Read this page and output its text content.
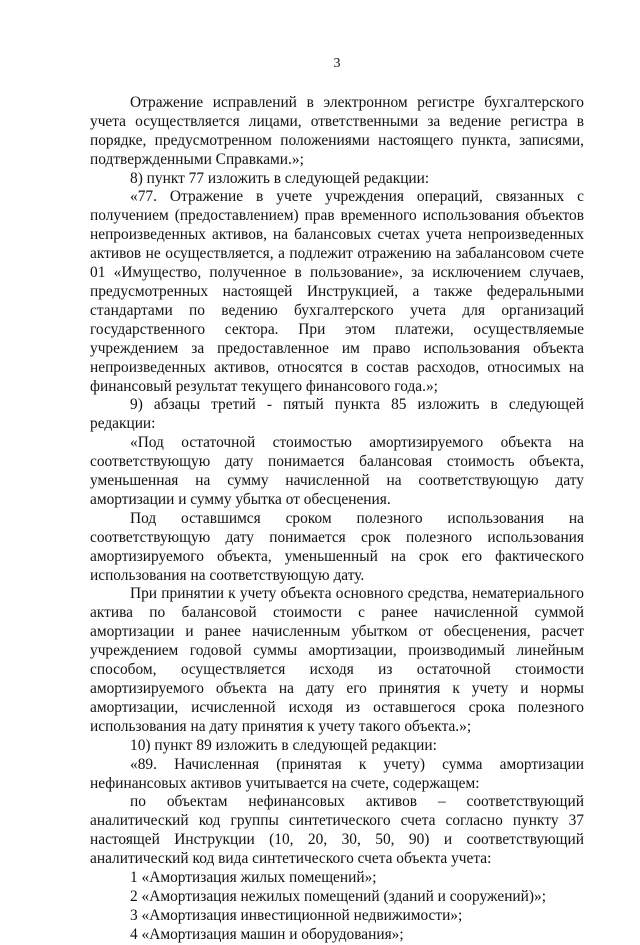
3

Отражение исправлений в электронном регистре бухгалтерского учета осуществляется лицами, ответственными за ведение регистра в порядке, предусмотренном положениями настоящего пункта, записями, подтвержденными Справками.»;

8) пункт 77 изложить в следующей редакции:

«77. Отражение в учете учреждения операций, связанных с получением (предоставлением) прав временного использования объектов непроизведенных активов, на балансовых счетах учета непроизведенных активов не осуществляется, а подлежит отражению на забалансовом счете 01 «Имущество, полученное в пользование», за исключением случаев, предусмотренных настоящей Инструкцией, а также федеральными стандартами по ведению бухгалтерского учета для организаций государственного сектора. При этом платежи, осуществляемые учреждением за предоставленное им право использования объекта непроизведенных активов, относятся в состав расходов, относимых на финансовый результат текущего финансового года.»;

9) абзацы третий - пятый пункта 85 изложить в следующей редакции:

«Под остаточной стоимостью амортизируемого объекта на соответствующую дату понимается балансовая стоимость объекта, уменьшенная на сумму начисленной на соответствующую дату амортизации и сумму убытка от обесценения.

Под оставшимся сроком полезного использования на соответствующую дату понимается срок полезного использования амортизируемого объекта, уменьшенный на срок его фактического использования на соответствующую дату.

При принятии к учету объекта основного средства, нематериального актива по балансовой стоимости с ранее начисленной суммой амортизации и ранее начисленным убытком от обесценения, расчет учреждением годовой суммы амортизации, производимый линейным способом, осуществляется исходя из остаточной стоимости амортизируемого объекта на дату его принятия к учету и нормы амортизации, исчисленной исходя из оставшегося срока полезного использования на дату принятия к учету такого объекта.»;

10) пункт 89 изложить в следующей редакции:

«89. Начисленная (принятая к учету) сумма амортизации нефинансовых активов учитывается на счете, содержащем:

по объектам нефинансовых активов – соответствующий аналитический код группы синтетического счета согласно пункту 37 настоящей Инструкции (10, 20, 30, 50, 90) и соответствующий аналитический код вида синтетического счета объекта учета:

1 «Амортизация жилых помещений»;

2 «Амортизация нежилых помещений (зданий и сооружений)»;

3 «Амортизация инвестиционной недвижимости»;

4 «Амортизация машин и оборудования»;
